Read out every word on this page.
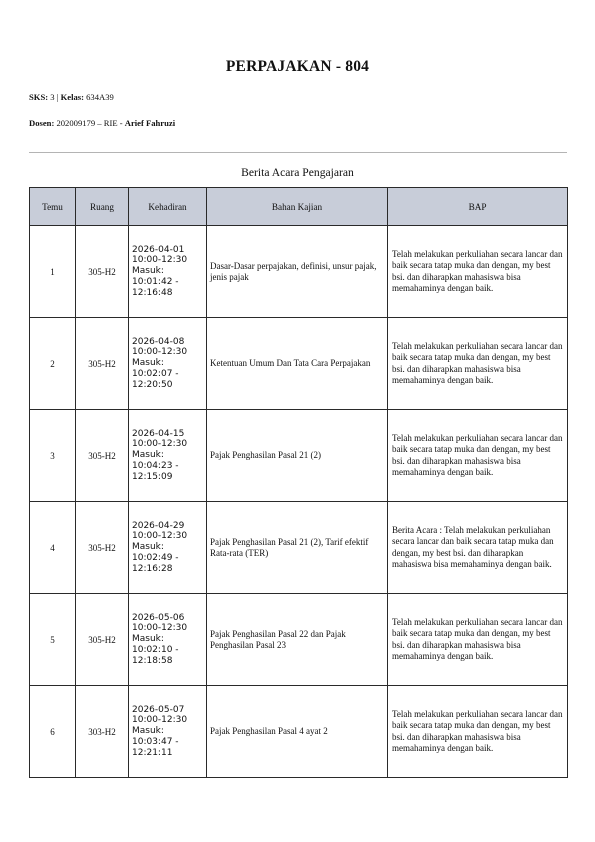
PERPAJAKAN - 804
SKS: 3 | Kelas: 634A39
Dosen: 202009179 – RIE - Arief Fahruzi
Berita Acara Pengajaran
Temu	Ruang	Kehadiran	Bahan Kajian	BAP
1	305-H2	2026-04-01
10:00-12:30
Masuk:
10:01:42 -
12:16:48	Dasar-Dasar perpajakan, definisi, unsur pajak, jenis pajak	Telah melakukan perkuliahan secara lancar dan baik secara tatap muka dan dengan, my best bsi. dan diharapkan mahasiswa bisa memahaminya dengan baik.
2	305-H2	2026-04-08
10:00-12:30
Masuk:
10:02:07 -
12:20:50	Ketentuan Umum Dan Tata Cara Perpajakan	Telah melakukan perkuliahan secara lancar dan baik secara tatap muka dan dengan, my best bsi. dan diharapkan mahasiswa bisa memahaminya dengan baik.
3	305-H2	2026-04-15
10:00-12:30
Masuk:
10:04:23 -
12:15:09	Pajak Penghasilan Pasal 21 (2)	Telah melakukan perkuliahan secara lancar dan baik secara tatap muka dan dengan, my best bsi. dan diharapkan mahasiswa bisa memahaminya dengan baik.
4	305-H2	2026-04-29
10:00-12:30
Masuk:
10:02:49 -
12:16:28	Pajak Penghasilan Pasal 21 (2), Tarif efektif Rata-rata (TER)	Berita Acara : Telah melakukan perkuliahan secara lancar dan baik secara tatap muka dan dengan, my best bsi. dan diharapkan mahasiswa bisa memahaminya dengan baik.
5	305-H2	2026-05-06
10:00-12:30
Masuk:
10:02:10 -
12:18:58	Pajak Penghasilan Pasal 22 dan Pajak Penghasilan Pasal 23	Telah melakukan perkuliahan secara lancar dan baik secara tatap muka dan dengan, my best bsi. dan diharapkan mahasiswa bisa memahaminya dengan baik.
6	303-H2	2026-05-07
10:00-12:30
Masuk:
10:03:47 -
12:21:11	Pajak Penghasilan Pasal 4 ayat 2	Telah melakukan perkuliahan secara lancar dan baik secara tatap muka dan dengan, my best bsi. dan diharapkan mahasiswa bisa memahaminya dengan baik.
